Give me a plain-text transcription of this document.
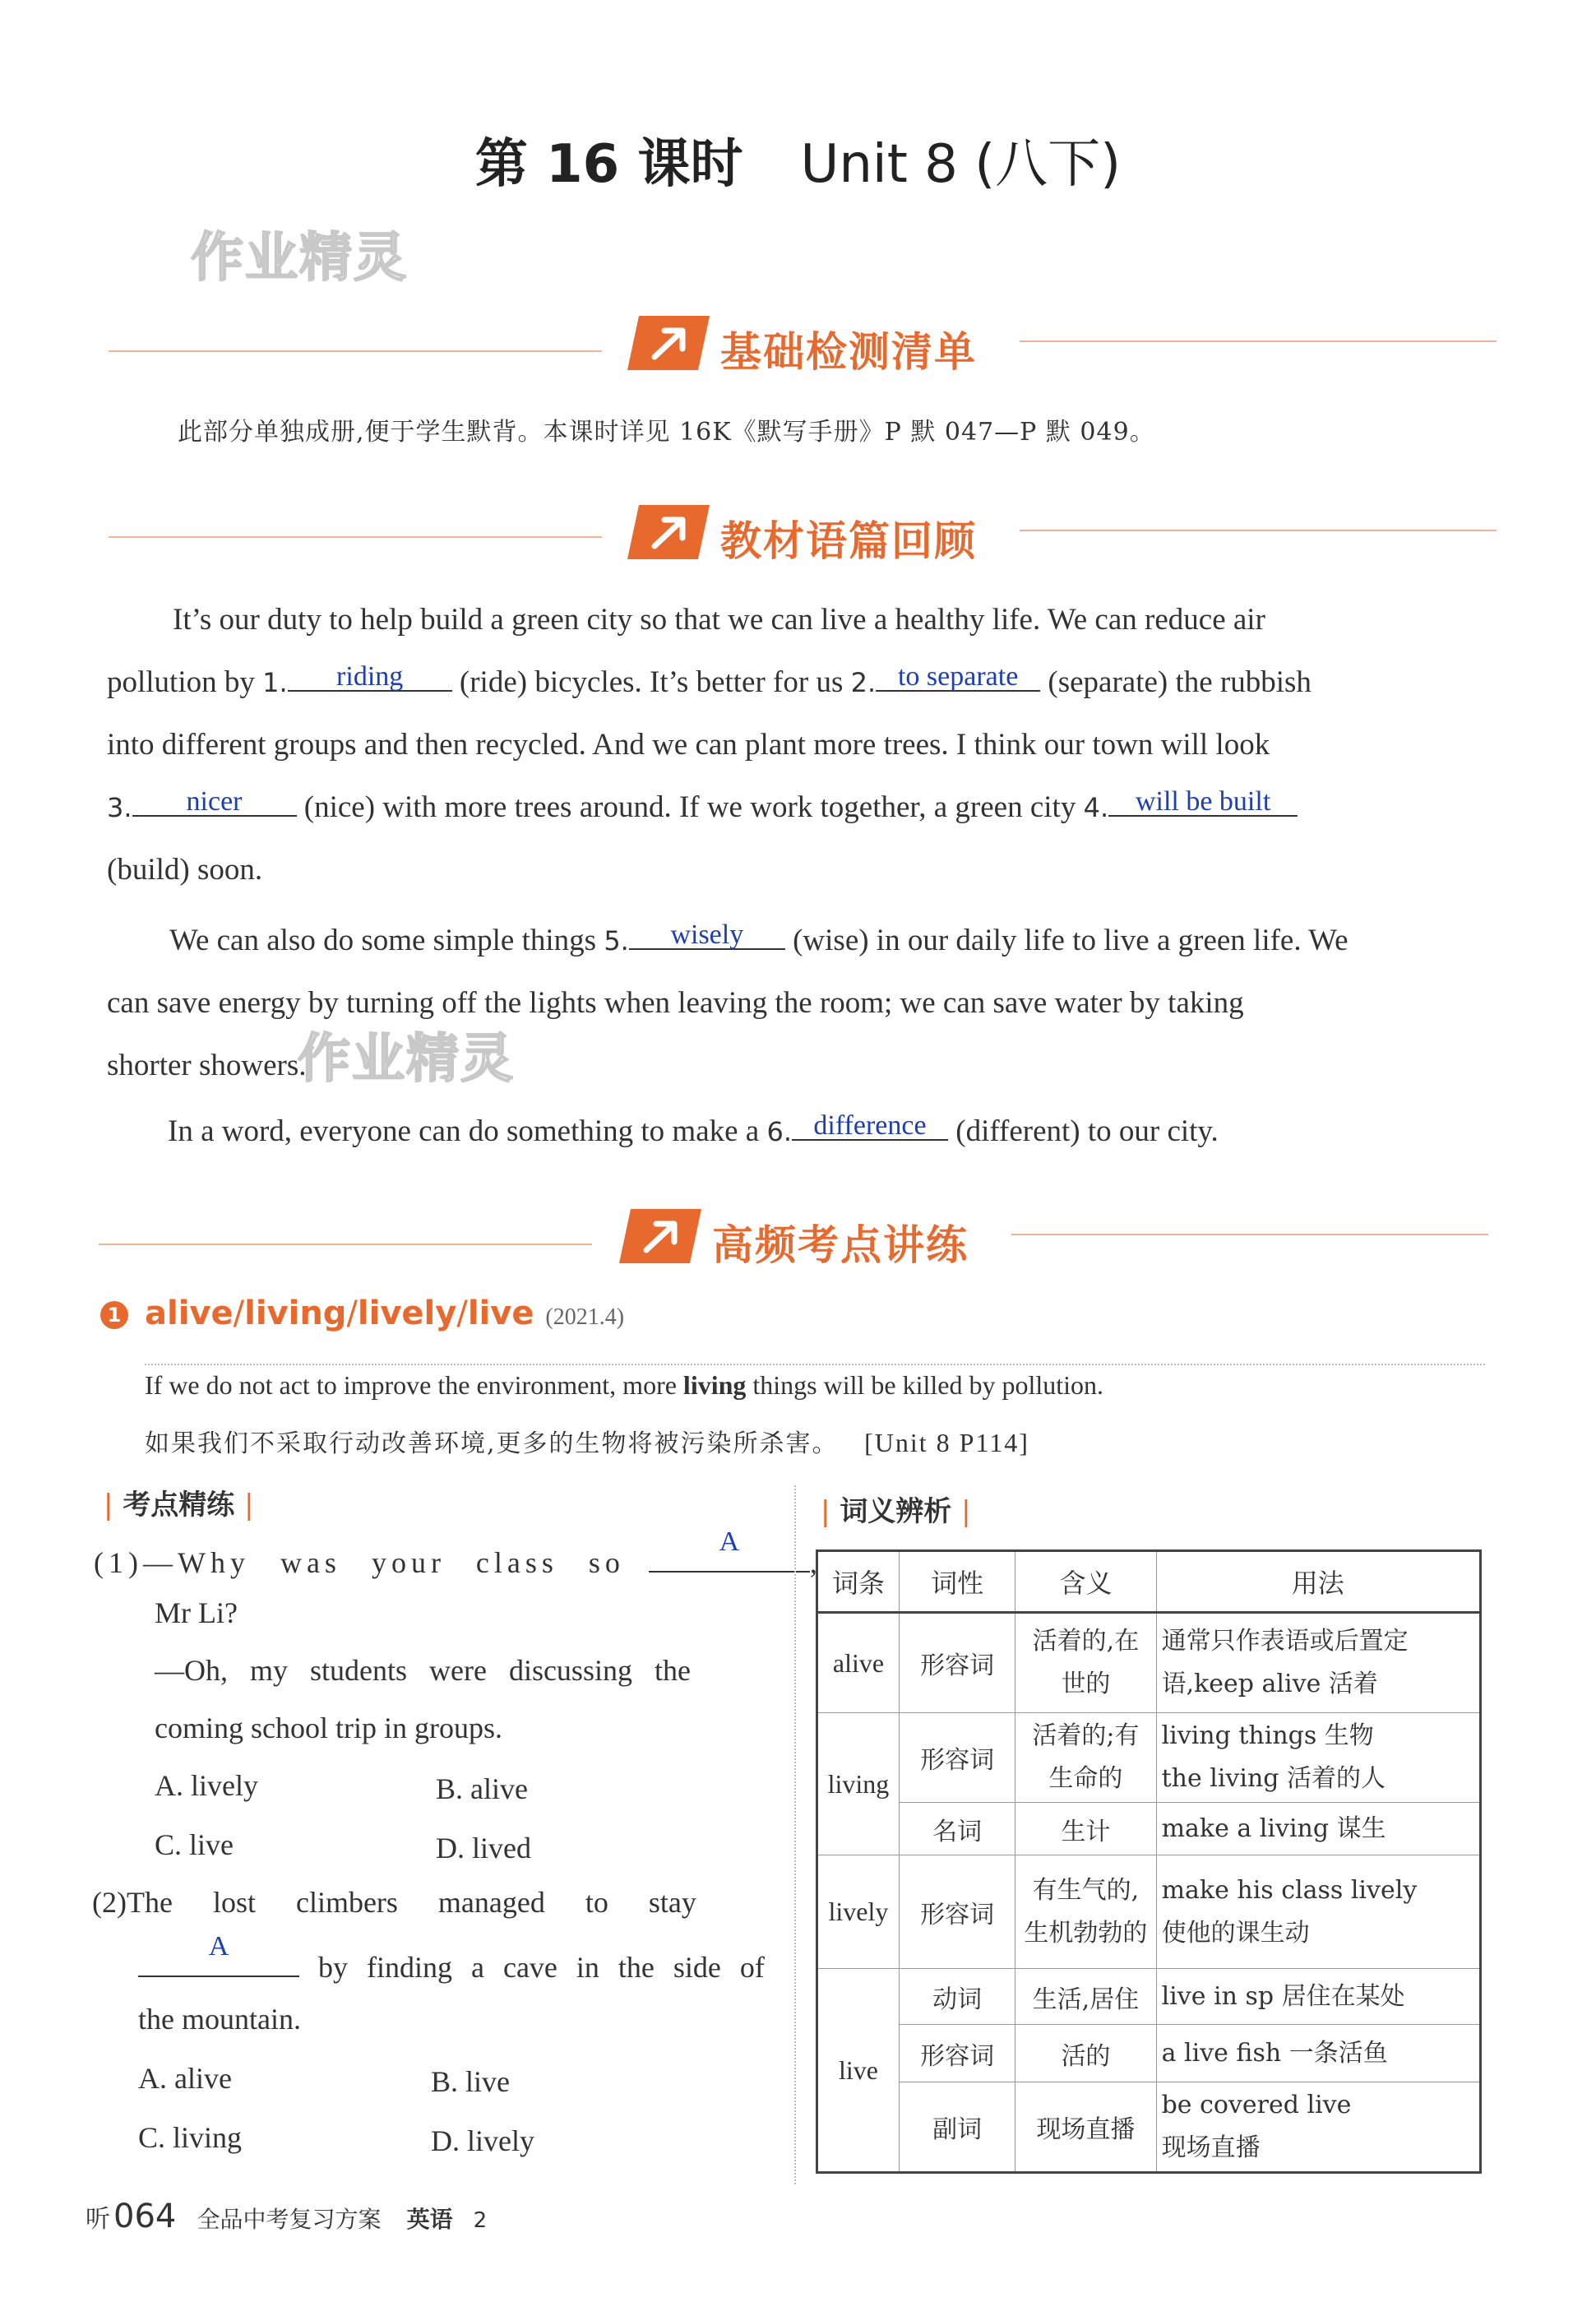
第 16 课时 Unit 8 (八下)
作业精灵
作业精灵
基础检测清单
此部分单独成册,便于学生默背。本课时详见 16K《默写手册》P 默 047—P 默 049。
教材语篇回顾
It’s our duty to help build a green city so that we can live a healthy life. We can reduce air
pollution by 1.	riding	(ride) bicycles. It’s better for us 2. to separate (separate) the rubbish
into different groups and then recycled. And we can plant more trees. I think our town will look
3.	nicer	(nice) with more trees around. If we work together, a green city 4. will be built
(build) soon.
We can also do some simple things 5.	wisely	(wise) in our daily life to live a green life. We
can save energy by turning off the lights when leaving the room; we can save water by taking
shorter showers.
In a word, everyone can do something to make a 6. difference (different) to our city.
高频考点讲练
1 alive/living/lively/live (2021.4)
If we do not act to improve the environment, more living things will be killed by pollution.
如果我们不采取行动改善环境,更多的生物将被污染所杀害。 [Unit 8 P114]
| 考点精练 |
(1)—Why was your class so
A
,
Mr Li?
—Oh, my students were discussing the
coming school trip in groups.
A. lively	B. alive
C. live	D. lived
(2)The lost climbers managed to stay
A
by finding a cave in the side of
the mountain.
A. alive	B. live
C. living	D. lively
| 词义辨析 |
词条	词性	含义	用法
alive	形容词	活着的,在世的	通常只作表语或后置定语,keep alive 活着
living	形容词	活着的;有生命的	living things 生物
the living 活着的人
	名词	生计	make a living 谋生
lively	形容词	有生气的,生机勃勃的	make his class lively
使他的课生动
live	动词	生活,居住	live in sp 居住在某处
	形容词	活的	a live fish 一条活鱼
	副词	现场直播	be covered live
现场直播
听 064 全品中考复习方案 英语 2
